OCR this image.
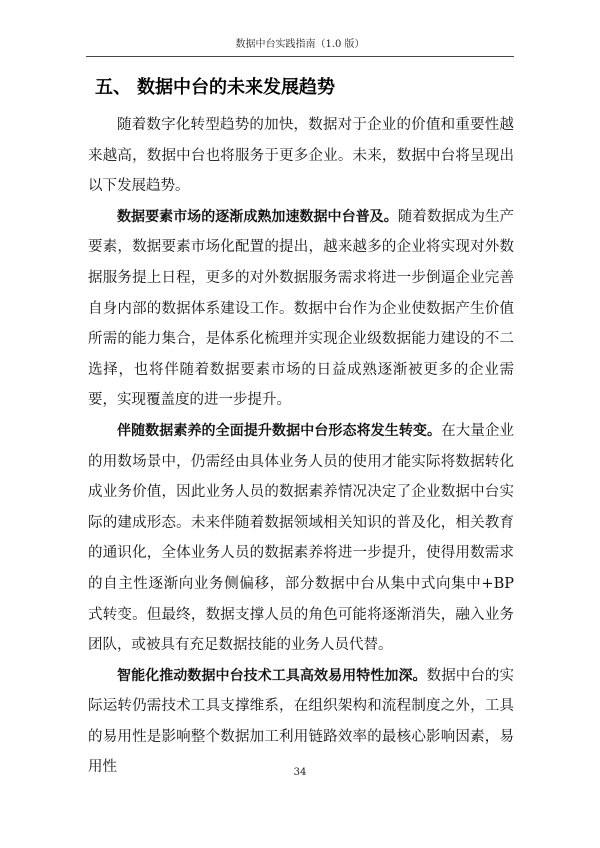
数据中台实践指南（1.0 版）
五、 数据中台的未来发展趋势

随着数字化转型趋势的加快，数据对于企业的价值和重要性越来越高，数据中台也将服务于更多企业。未来，数据中台将呈现出以下发展趋势。

数据要素市场的逐渐成熟加速数据中台普及。随着数据成为生产要素，数据要素市场化配置的提出，越来越多的企业将实现对外数据服务提上日程，更多的对外数据服务需求将进一步倒逼企业完善自身内部的数据体系建设工作。数据中台作为企业使数据产生价值所需的能力集合，是体系化梳理并实现企业级数据能力建设的不二选择，也将伴随着数据要素市场的日益成熟逐渐被更多的企业需要，实现覆盖度的进一步提升。

伴随数据素养的全面提升数据中台形态将发生转变。在大量企业的用数场景中，仍需经由具体业务人员的使用才能实际将数据转化成业务价值，因此业务人员的数据素养情况决定了企业数据中台实际的建成形态。未来伴随着数据领域相关知识的普及化，相关教育的通识化，全体业务人员的数据素养将进一步提升，使得用数需求的自主性逐渐向业务侧偏移，部分数据中台从集中式向集中+BP 式转变。但最终，数据支撑人员的角色可能将逐渐消失，融入业务团队，或被具有充足数据技能的业务人员代替。

智能化推动数据中台技术工具高效易用特性加深。数据中台的实际运转仍需技术工具支撑维系，在组织架构和流程制度之外，工具的易用性是影响整个数据加工利用链路效率的最核心影响因素，易用性	34
